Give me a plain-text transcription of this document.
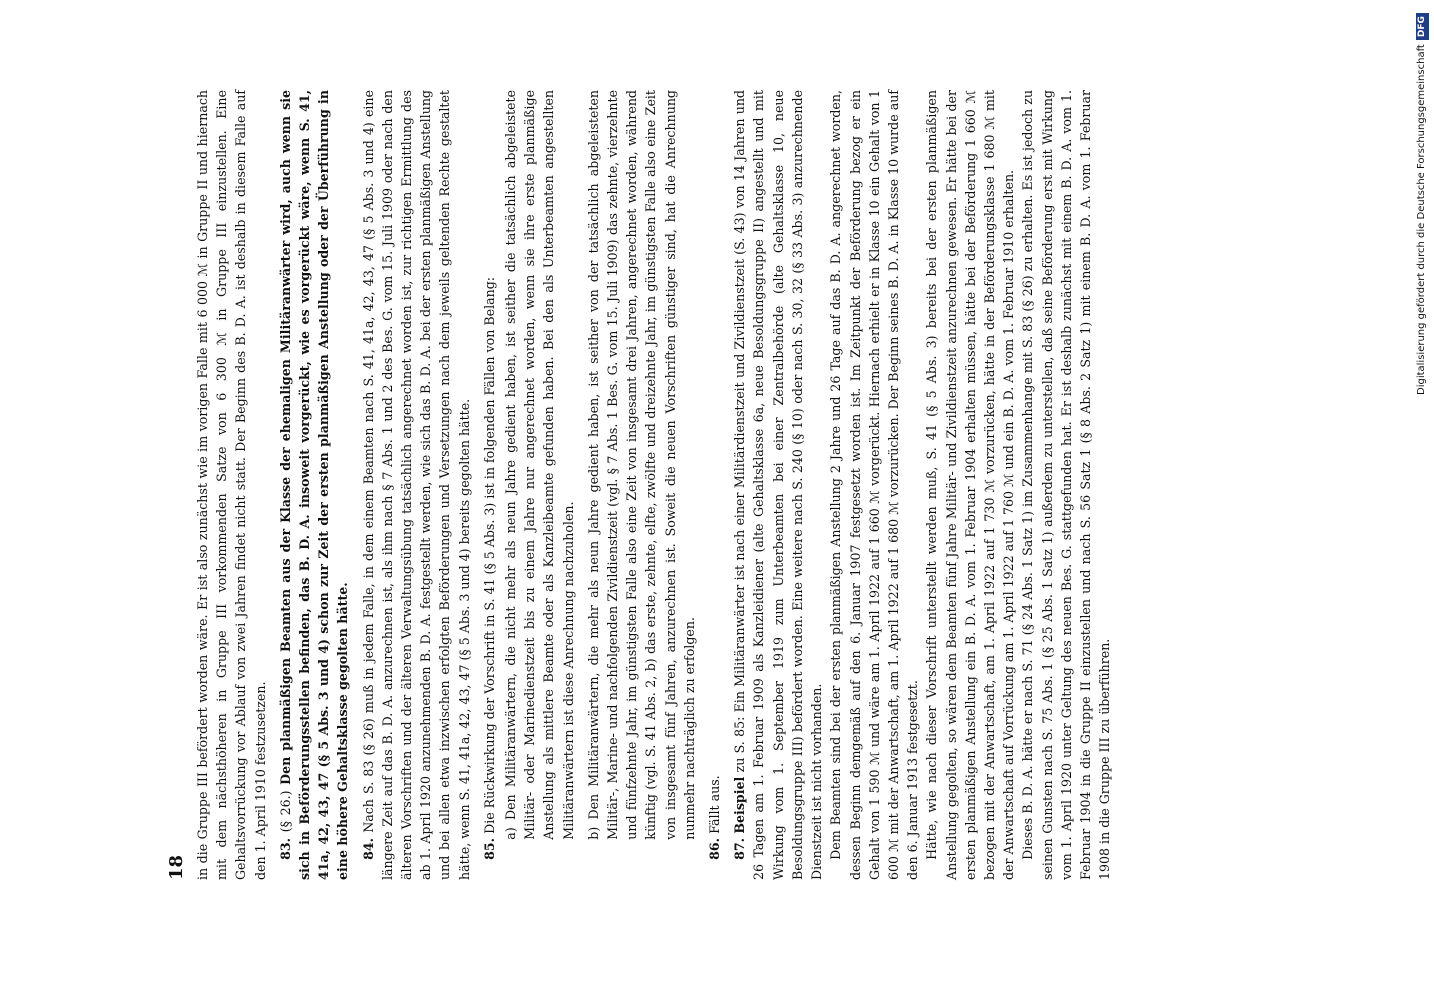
18 in die Gruppe III befördert worden wäre. Er ist also zunächst wie im vorigen Falle mit 6 000 ℳ in Gruppe II und hiernach mit dem nächsthöheren in Gruppe III vorkommenden Satze von 6 300 ℳ in Gruppe III einzustellen. Eine Gehaltsvorrückung vor Ablauf von zwei Jahren findet nicht statt. Der Beginn des B. D. A. ist deshalb in diesem Falle auf den 1. April 1910 festzusetzen. 83. (§ 26.) Den planmäßigen Beamten aus der Klasse der ehemaligen Militäranwärter wird, auch wenn sie sich in Beförderungsstellen befinden, das B. D. A. insoweit vorgerückt, wie es vorgerückt wäre, wenn S. 41, 41a, 42, 43, 47 (§ 5 Abs. 3 und 4) schon zur Zeit der ersten planmäßigen Anstellung oder der Überführung in eine höhere Gehaltsklasse gegolten hätte. 84. Nach S. 83 (§ 26) muß in jedem Falle, in dem einem Beamten nach S. 41, 41a, 42, 43, 47 (§ 5 Abs. 3 und 4) eine längere Zeit auf das B. D. A. anzurechnen ist, als ihm nach § 7 Abs. 1 und 2 des Bes. G. vom 15. Juli 1909 oder nach den älteren Vorschriften und der älteren Verwaltungsübung tatsächlich angerechnet worden ist, zur richtigen Ermittlung des ab 1. April 1920 anzunehmenden B. D. A. festgestellt werden, wie sich das B. D. A. bei der ersten planmäßigen Anstellung und bei allen etwa inzwischen erfolgten Beförderungen und Versetzungen nach dem jeweils geltenden Rechte gestaltet hätte, wenn S. 41, 41a, 42, 43, 47 (§ 5 Abs. 3 und 4) bereits gegolten hätte. 85. Die Rückwirkung der Vorschrift in S. 41 (§ 5 Abs. 3) ist in folgenden Fällen von Belang: a) Den Militäranwärtern, die nicht mehr als neun Jahre gedient haben, ist seither die tatsächlich abgeleistete Militär- oder Marinedienstzeit bis zu einem Jahre nur angerechnet worden, wenn sie ihre erste planmäßige Anstellung als mittlere Beamte oder als Kanzleibeamte gefunden haben. Bei den als Unterbeamten angestellten Militäranwärtern ist diese Anrechnung nachzuholen. b) Den Militäranwärtern, die mehr als neun Jahre gedient haben, ist seither von der tatsächlich abgeleisteten Militär-, Marine- und nachfolgenden Zivildienstzeit (vgl. § 7 Abs. 1 Bes. G. vom 15. Juli 1909) das zehnte, vierzehnte und fünfzehnte Jahr, im günstigsten Falle also eine Zeit von insgesamt drei Jahren, angerechnet worden, während künftig (vgl. S. 41 Abs. 2, b) das erste, zehnte, elfte, zwölfte und dreizehnte Jahr, im günstigsten Falle also eine Zeit von insgesamt fünf Jahren, anzurechnen ist. Soweit die neuen Vorschriften günstiger sind, hat die Anrechnung nunmehr nachträglich zu erfolgen.

86. Fällt aus.

87. Beispiel zu S. 85: Ein Militäranwärter ist nach einer Militärdienstzeit und Zivildienstzeit (S. 43) von 14 Jahren und 26 Tagen am 1. Februar 1909 als Kanzleidiener (alte Gehaltsklasse 6a, neue Besoldungsgruppe II) angestellt und mit Wirkung vom 1. September 1919 zum Unterbeamten bei einer Zentralbehörde (alte Gehaltsklasse 10, neue Besoldungsgruppe III) befördert worden. Eine weitere nach S. 240 (§ 10) oder nach S. 30, 32 (§ 33 Abs. 3) anzurechnende Dienstzeit ist nicht vorhanden. Dem Beamten sind bei der ersten planmäßigen Anstellung 2 Jahre und 26 Tage auf das B. D. A. angerechnet worden, dessen Beginn demgemäß auf den 6. Januar 1907 festgesetzt worden ist. Im Zeitpunkt der Beförderung bezog er ein Gehalt von 1 590 ℳ und wäre am 1. April 1922 auf 1 660 ℳ vorgerückt. Hiernach erhielt er in Klasse 10 ein Gehalt von 1 600 ℳ mit der Anwartschaft, am 1. April 1922 auf 1 680 ℳ vorzurücken. Der Beginn seines B. D. A. in Klasse 10 wurde auf den 6. Januar 1913 festgesetzt. Hätte, wie nach dieser Vorschrift unterstellt werden muß, S. 41 (§ 5 Abs. 3) bereits bei der ersten planmäßigen Anstellung gegolten, so wären dem Beamten fünf Jahre Militär- und Zivildienstzeit anzurechnen gewesen. Er hätte bei der ersten planmäßigen Anstellung ein B. D. A. vom 1. Februar 1904 erhalten müssen, hätte bei der Beförderung 1 660 ℳ bezogen mit der Anwartschaft, am 1. April 1922 auf 1 730 ℳ vorzurücken, hätte in der Beförderungsklasse 1 680 ℳ mit der Anwartschaft auf Vorrückung am 1. April 1922 auf 1 760 ℳ und ein B. D. A. vom 1. Februar 1910 erhalten. Dieses B. D. A. hätte er nach S. 71 (§ 24 Abs. 1 Satz 1) im Zusammenhange mit S. 83 (§ 26) zu erhalten. Es ist jedoch zu seinen Gunsten nach S. 75 Abs. 1 (§ 25 Abs. 1 Satz 1) außerdem zu unterstellen, daß seine Beförderung erst mit Wirkung vom 1. April 1920 unter Geltung des neuen Bes. G. stattgefunden hat. Er ist deshalb zunächst mit einem B. D. A. vom 1. Februar 1904 in die Gruppe II einzustellen und nach S. 56 Satz 1 (§ 8 Abs. 2 Satz 1) mit einem B. D. A. vom 1. Februar 1908 in die Gruppe III zu überführen.

Digitalisierung gefördert durch die Deutsche Forschungsgemeinschaft
DFG
